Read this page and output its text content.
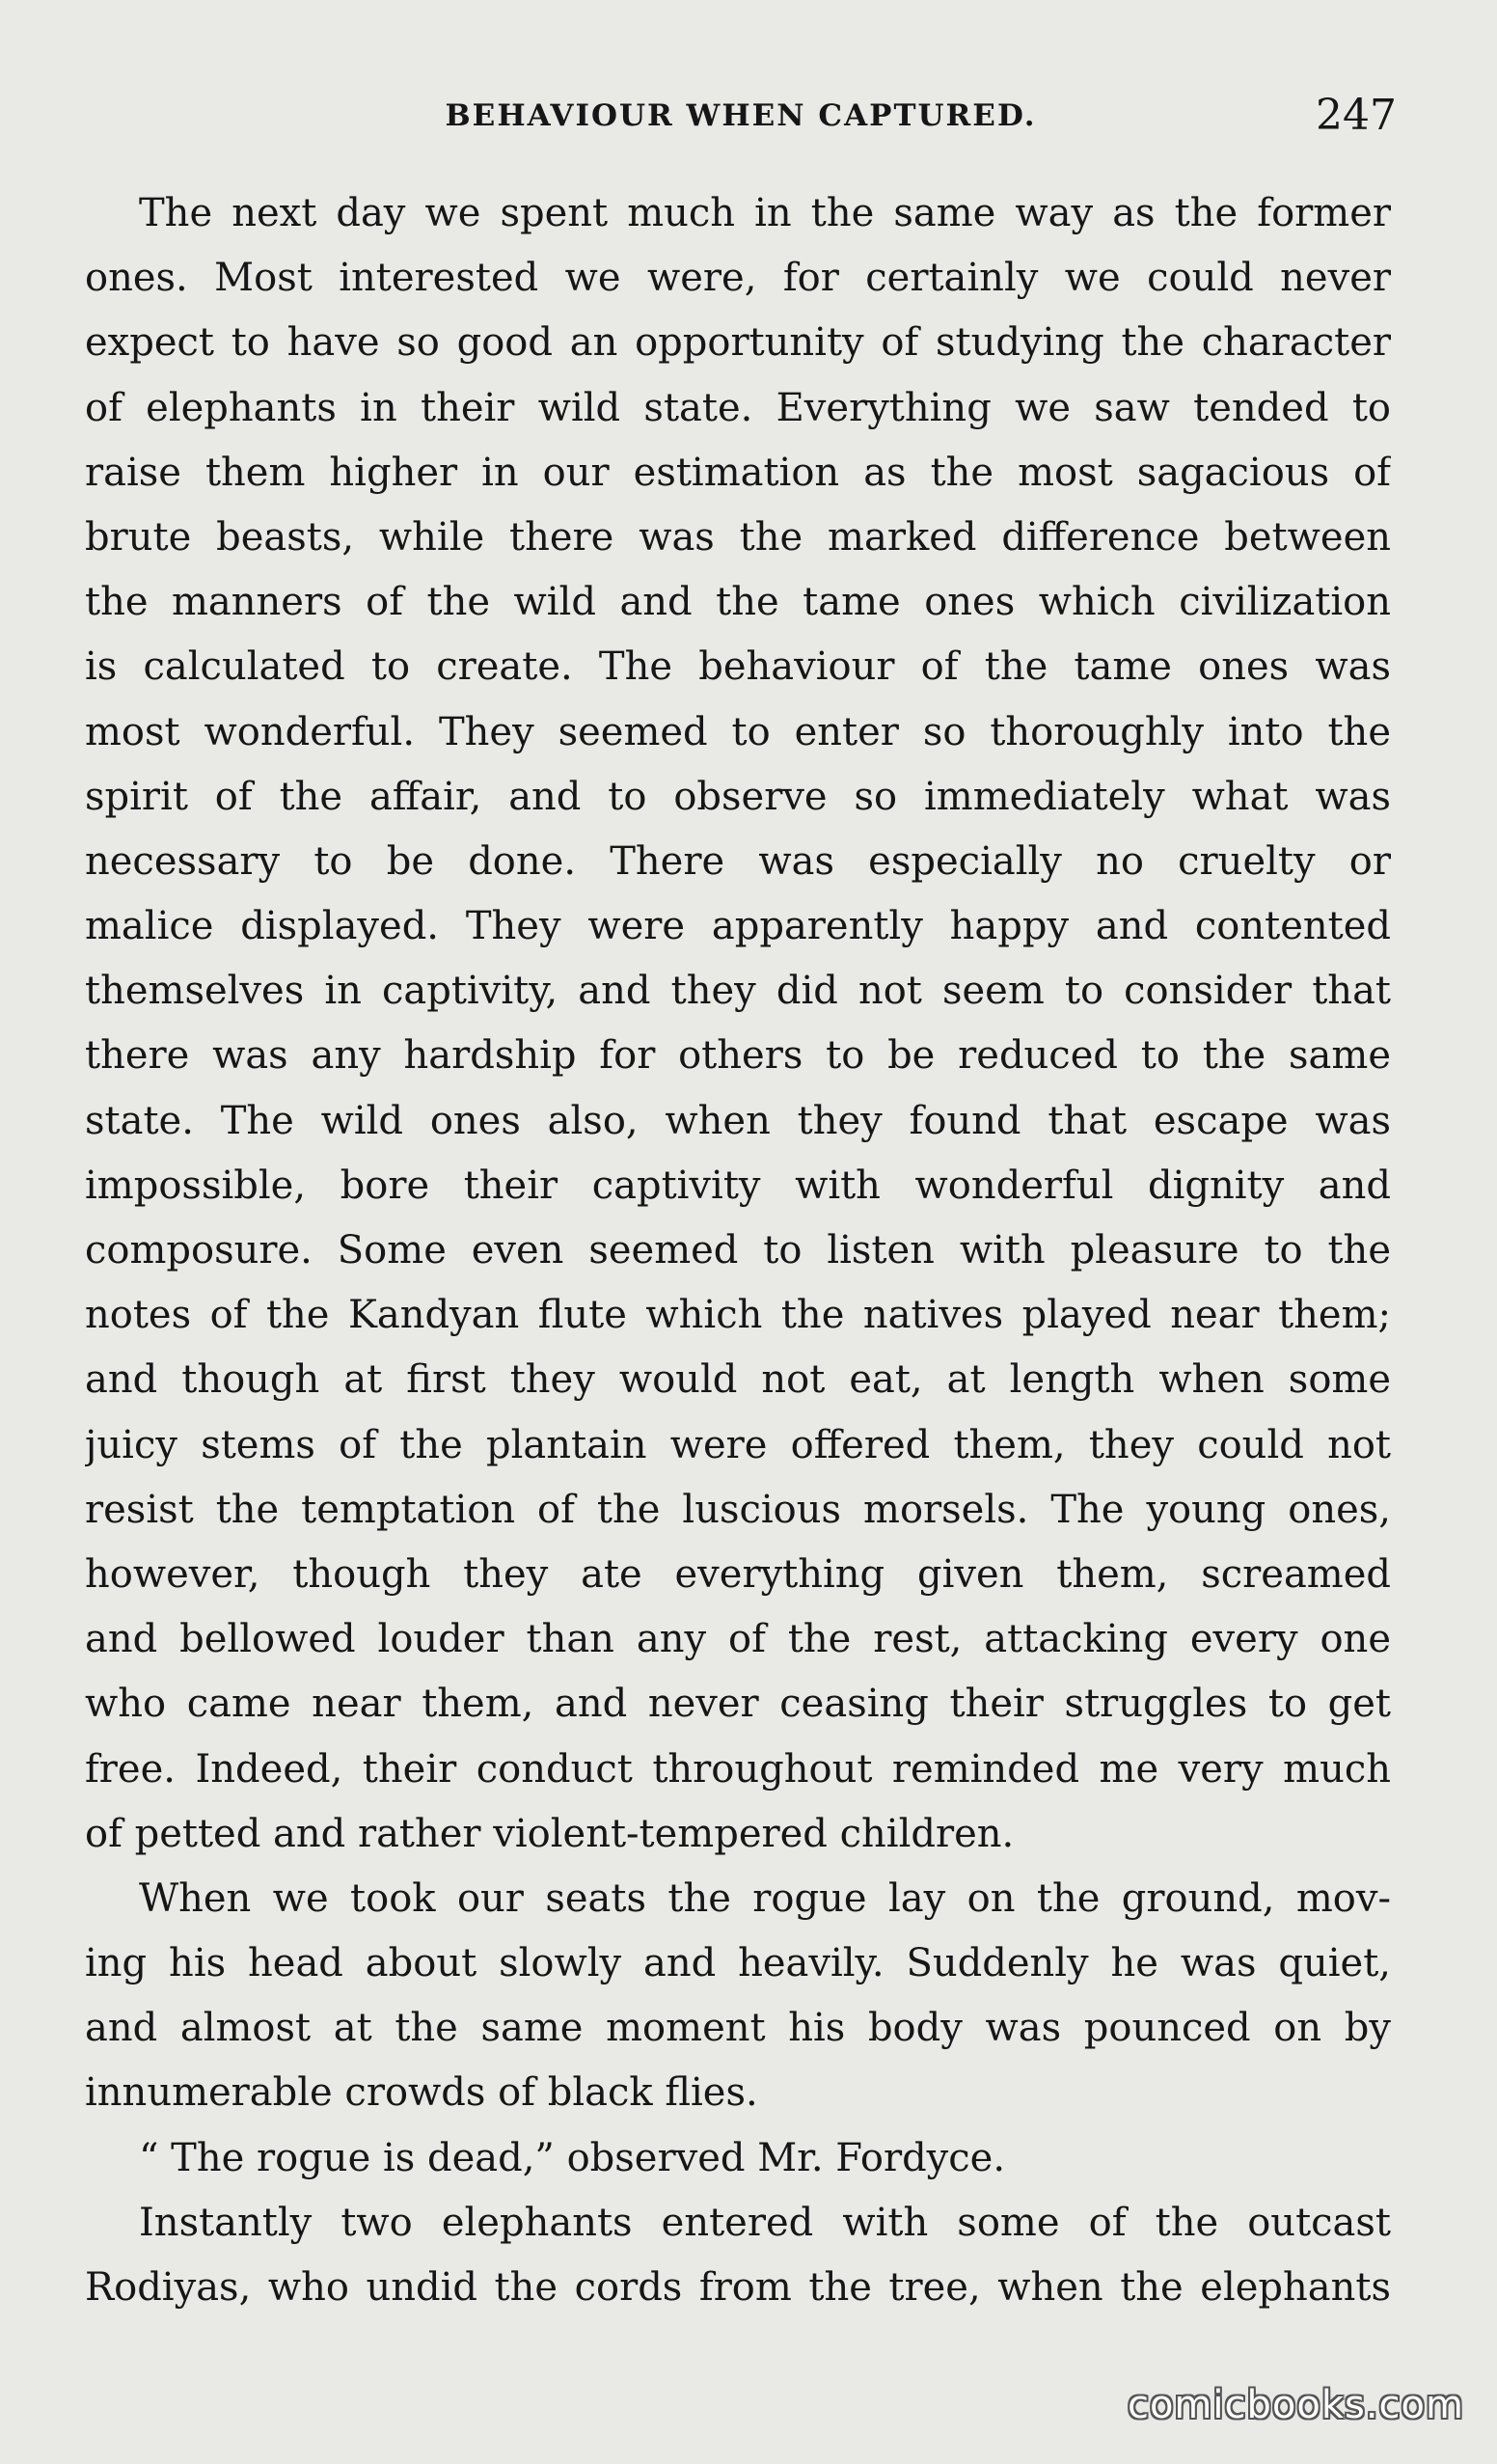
BEHAVIOUR WHEN CAPTURED.	247
The next day we spent much in the same way as the former
ones. Most interested we were, for certainly we could never
expect to have so good an opportunity of studying the character
of elephants in their wild state. Everything we saw tended to
raise them higher in our estimation as the most sagacious of
brute beasts, while there was the marked difference between
the manners of the wild and the tame ones which civilization
is calculated to create. The behaviour of the tame ones was
most wonderful. They seemed to enter so thoroughly into the
spirit of the affair, and to observe so immediately what was
necessary to be done. There was especially no cruelty or
malice displayed. They were apparently happy and contented
themselves in captivity, and they did not seem to consider that
there was any hardship for others to be reduced to the same
state. The wild ones also, when they found that escape was
impossible, bore their captivity with wonderful dignity and
composure. Some even seemed to listen with pleasure to the
notes of the Kandyan flute which the natives played near them;
and though at first they would not eat, at length when some
juicy stems of the plantain were offered them, they could not
resist the temptation of the luscious morsels. The young ones,
however, though they ate everything given them, screamed
and bellowed louder than any of the rest, attacking every one
who came near them, and never ceasing their struggles to get
free. Indeed, their conduct throughout reminded me very much
of petted and rather violent-tempered children.
When we took our seats the rogue lay on the ground, mov-
ing his head about slowly and heavily. Suddenly he was quiet,
and almost at the same moment his body was pounced on by
innumerable crowds of black flies.
“ The rogue is dead,” observed Mr. Fordyce.
Instantly two elephants entered with some of the outcast
Rodiyas, who undid the cords from the tree, when the elephants
comicbooks.com
